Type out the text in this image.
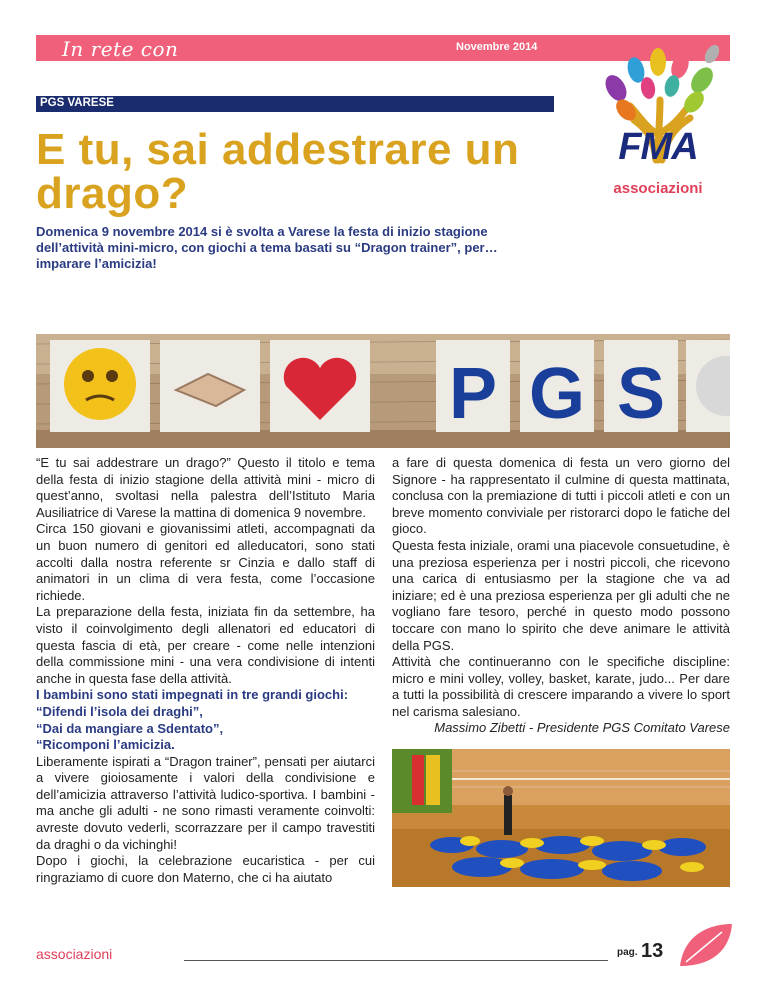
In rete con	Novembre 2014
PGS VARESE
E tu, sai addestrare un drago?
FMA
associazioni

Domenica 9 novembre 2014 si è svolta a Varese la festa di inizio stagione dell’attività mini-micro, con giochi a tema basati su “Dragon trainer”, per… imparare l’amicizia!

P G S

“E tu sai addestrare un drago?” Questo il titolo e tema della festa di inizio stagione della attività mini - micro di quest’anno, svoltasi nella palestra dell’Istituto Maria Ausiliatrice di Varese la mattina di domenica 9 novembre.

Circa 150 giovani e giovanissimi atleti, accompagnati da un buon numero di genitori ed alleducatori, sono stati accolti dalla nostra referente sr Cinzia e dallo staff di animatori in un clima di vera festa, come l’occasione richiede.

La preparazione della festa, iniziata fin da settembre, ha visto il coinvolgimento degli allenatori ed educatori di questa fascia di età, per creare - come nelle intenzioni della commissione mini - una vera condivisione di intenti anche in questa fase della attività.

I bambini sono stati impegnati in tre grandi giochi:

“Difendi l’isola dei draghi”,

“Dai da mangiare a Sdentato”,

“Ricomponi l’amicizia.

Liberamente ispirati a “Dragon trainer”, pensati per aiutarci a vivere gioiosamente i valori della condivisione e dell’amicizia attraverso l’attività ludico-sportiva. I bambini - ma anche gli adulti - ne sono rimasti veramente coinvolti: avreste dovuto vederli, scorrazzare per il campo travestiti da draghi o da vichinghi!

Dopo i giochi, la celebrazione eucaristica - per cui ringraziamo di cuore don Materno, che ci ha aiutato

a fare di questa domenica di festa un vero giorno del Signore - ha rappresentato il culmine di questa mattinata, conclusa con la premiazione di tutti i piccoli atleti e con un breve momento conviviale per ristorarci dopo le fatiche del gioco.

Questa festa iniziale, orami una piacevole consuetudine, è una preziosa esperienza per i nostri piccoli, che ricevono una carica di entusiasmo per la stagione che va ad iniziare; ed è una preziosa esperienza per gli adulti che ne vogliano fare tesoro, perché in questo modo possono toccare con mano lo spirito che deve animare le attività della PGS.

Attività che continueranno con le specifiche discipline: micro e mini volley, volley, basket, karate, judo... Per dare a tutti la possibilità di crescere imparando a vivere lo sport nel carisma salesiano.

Massimo Zibetti - Presidente PGS Comitato Varese
associazioni	pag. 13
